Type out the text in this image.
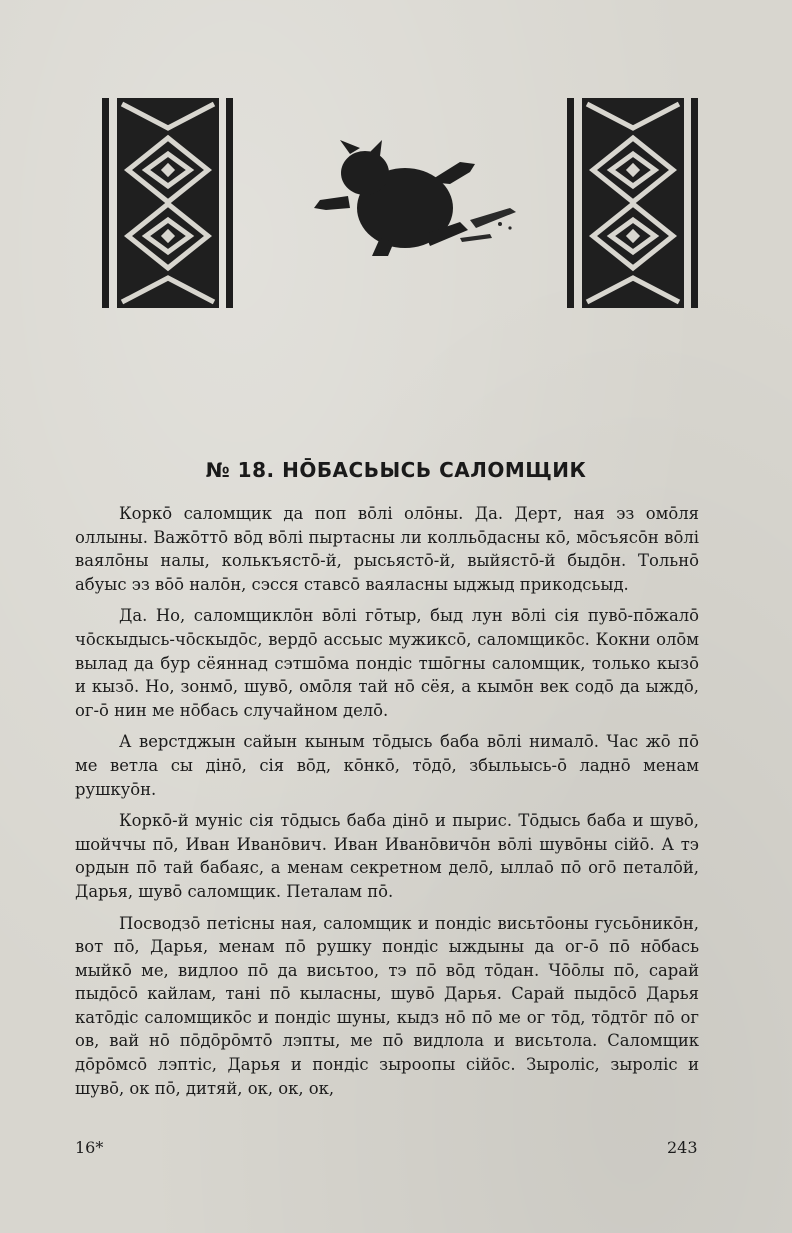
№ 18. НŌБАСЬЫСЬ САЛОМЩИК

Коркō саломщик да поп вōлi олōны. Да. Дерт, ная эз омōля оллыны. Важōттō вōд вōлi пыртасны ли колльōдасны кō, мōсъясōн вōлi ваялōны налы, колькъястō-й, рысьястō-й, выйястō-й быдōн. Тольнō абуыс эз вōō налōн, сэсся ставсō ваяласны ыджыд прикодсьыд.

Да. Но, саломщиклōн вōлi гōтыр, быд лун вōлi сiя пувō-пōжалō чōскыдысь-чōскыдōс, вердō ассьыс мужиксō, саломщикōс. Кокни олōм вылад да бур сёяннад сэтшōма пондiс тшōгны саломщик, только кызō и кызō. Но, зонмō, шувō, омōля тай нō сёя, а кымōн век содō да ыждō, ог-ō нин ме нōбась случайном делō.

А верстджын сайын кыным тōдысь баба вōлi нималō. Час жō пō ме ветла сы дiнō, сiя вōд, кōнкō, тōдō, збыльысь-ō ладнō менам рушкуōн.

Коркō-й мунiс сiя тōдысь баба дiнō и пырис. Тōдысь баба и шувō, шойччы пō, Иван Иванōвич. Иван Иванōвичōн вōлi шувōны сiйō. А тэ ордын пō тай бабаяс, а менам секретном делō, ыллаō пō огō петалōй, Дарья, шувō саломщик. Петалам пō.

Посводзō петiсны ная, саломщик и пондiс висьтōоны гусьōникōн, вот пō, Дарья, менам пō рушку пондiс ыждыны да ог-ō пō нōбась мыйкō ме, видлоо пō да висьтоо, тэ пō вōд тōдан. Чōōлы пō, сарай пыдōсō кайлам, танi пō кыласны, шувō Дарья. Сарай пыдōсō Дарья катōдiс саломщикōс и пондiс шуны, кыдз нō пō ме ог тōд, тōдтōг пō ог ов, вай нō пōдōрōмтō лэпты, ме пō видлола и висьтола. Саломщик дōрōмсō лэптiс, Дарья и пондiс зыроопы сiйōс. Зыролiс, зыролiс и шувō, ок пō, дитяй, ок, ок, ок,

16*	243
